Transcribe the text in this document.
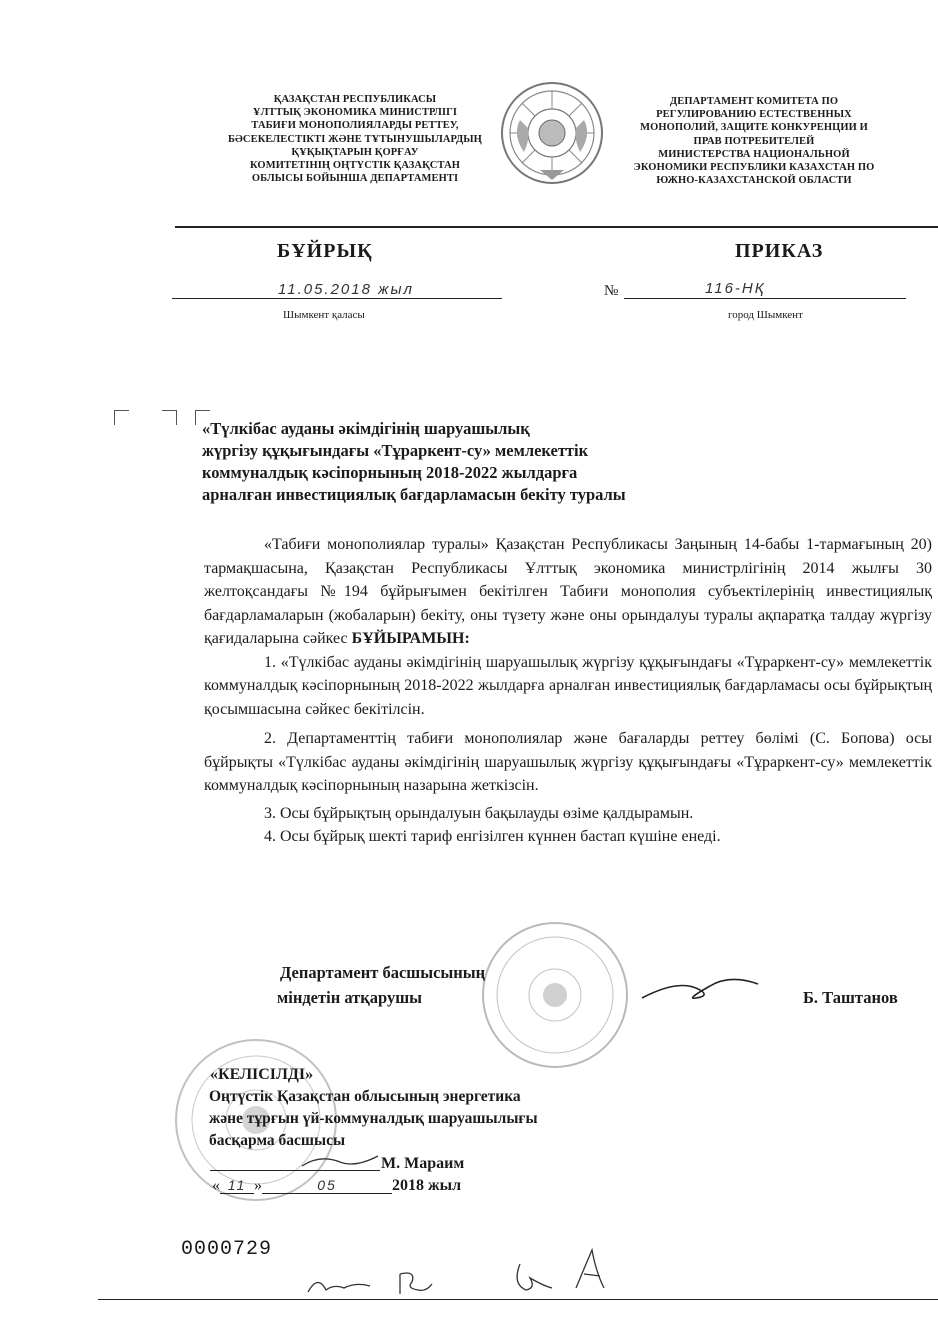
ҚАЗАҚСТАН РЕСПУБЛИКАСЫ
ҰЛТТЫҚ ЭКОНОМИКА МИНИСТРЛІГІ
ТАБИҒИ МОНОПОЛИЯЛАРДЫ РЕТТЕУ,
БӘСЕКЕЛЕСТІКТІ ЖӘНЕ ТҰТЫНУШЫЛАРДЫҢ
ҚҰҚЫҚТАРЫН ҚОРҒАУ
КОМИТЕТІНІҢ ОҢТҮСТІК ҚАЗАҚСТАН
ОБЛЫСЫ БОЙЫНША ДЕПАРТАМЕНТІ
ДЕПАРТАМЕНТ КОМИТЕТА ПО
РЕГУЛИРОВАНИЮ ЕСТЕСТВЕННЫХ
МОНОПОЛИЙ, ЗАЩИТЕ КОНКУРЕНЦИИ И
ПРАВ ПОТРЕБИТЕЛЕЙ
МИНИСТЕРСТВА НАЦИОНАЛЬНОЙ
ЭКОНОМИКИ РЕСПУБЛИКИ КАЗАХСТАН ПО
ЮЖНО-КАЗАХСТАНСКОЙ ОБЛАСТИ
БҰЙРЫҚ	ПРИКАЗ
11.05.2018 жыл	№	116-НҚ
Шымкент қаласы	город Шымкент
«Түлкібас ауданы әкімдігінің шаруашылық
жүргізу құқығындағы «Тұраркент-су» мемлекеттік
коммуналдық кәсіпорнының 2018-2022 жылдарға
арналған инвестициялық бағдарламасын бекіту туралы

«Табиғи монополиялар туралы» Қазақстан Республикасы Заңының 14-бабы 1-тармағының 20) тармақшасына, Қазақстан Республикасы Ұлттық экономика министрлігінің 2014 жылғы 30 желтоқсандағы №194 бұйрығымен бекітілген Табиғи монополия субъектілерінің инвестициялық бағдарламаларын (жобаларын) бекіту, оны түзету және оны орындалуы туралы ақпаратқа талдау жүргізу қағидаларына сәйкес БҰЙЫРАМЫН:

1. «Түлкібас ауданы әкімдігінің шаруашылық жүргізу құқығындағы «Тұраркент-су» мемлекеттік коммуналдық кәсіпорнының 2018-2022 жылдарға арналған инвестициялық бағдарламасы осы бұйрықтың қосымшасына сәйкес бекітілсін.

2. Департаменттің табиғи монополиялар және бағаларды реттеу бөлімі (С. Бопова) осы бұйрықты «Түлкібас ауданы әкімдігінің шаруашылық жүргізу құқығындағы «Тұраркент-су» мемлекеттік коммуналдық кәсіпорнының назарына жеткізсін.

3. Осы бұйрықтың орындалуын бақылауды өзіме қалдырамын.

4. Осы бұйрық шекті тариф енгізілген күннен бастап күшіне енеді.

Департамент басшысының
міндетін атқарушы	Б. Таштанов
«КЕЛІСІЛДІ»
Оңтүстік Қазақстан облысының энергетика
және тұрғын үй-коммуналдық шаруашылығы
басқарма басшысы
М. Мараим
« 11 »	05	2018 жыл
0000729
